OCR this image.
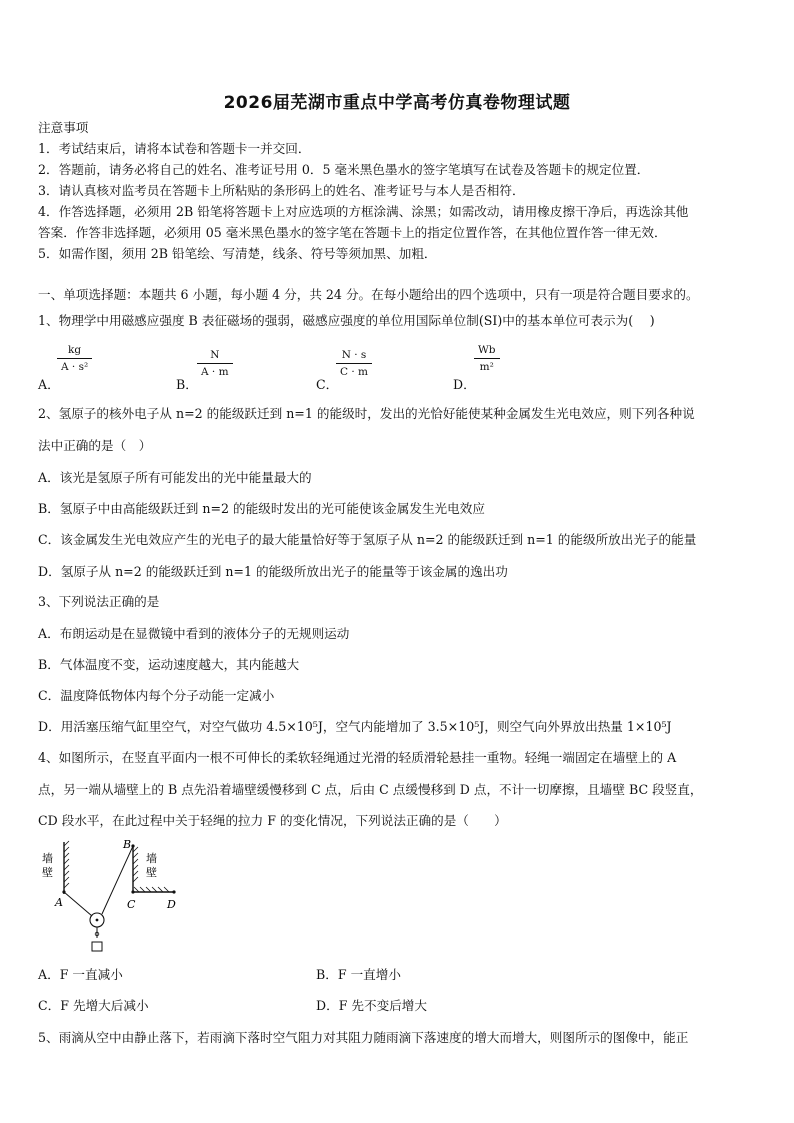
2026届芜湖市重点中学高考仿真卷物理试题
注意事项
1．考试结束后，请将本试卷和答题卡一并交回．
2．答题前，请务必将自己的姓名、准考证号用 0．5 毫米黑色墨水的签字笔填写在试卷及答题卡的规定位置．
3．请认真核对监考员在答题卡上所粘贴的条形码上的姓名、准考证号与本人是否相符．
4．作答选择题，必须用 2B 铅笔将答题卡上对应选项的方框涂满、涂黑；如需改动，请用橡皮擦干净后，再选涂其他
答案．作答非选择题，必须用 05 毫米黑色墨水的签字笔在答题卡上的指定位置作答，在其他位置作答一律无效．
5．如需作图，须用 2B 铅笔绘、写清楚，线条、符号等须加黑、加粗．
一、单项选择题：本题共 6 小题，每小题 4 分，共 24 分。在每小题给出的四个选项中，只有一项是符合题目要求的。
1、物理学中用磁感应强度 B 表征磁场的强弱，磁感应强度的单位用国际单位制(SI)中的基本单位可表示为(　 )
A．
kg
A · s²
B．
N
A · m
C．
N · s
C · m
D．
Wb
m²
2、氢原子的核外电子从 n=2 的能级跃迁到 n=1 的能级时，发出的光恰好能使某种金属发生光电效应，则下列各种说
法中正确的是（　）
A．该光是氢原子所有可能发出的光中能量最大的
B．氢原子中由高能级跃迁到 n=2 的能级时发出的光可能使该金属发生光电效应
C．该金属发生光电效应产生的光电子的最大能量恰好等于氢原子从 n=2 的能级跃迁到 n=1 的能级所放出光子的能量
D．氢原子从 n=2 的能级跃迁到 n=1 的能级所放出光子的能量等于该金属的逸出功
3、下列说法正确的是
A．布朗运动是在显微镜中看到的液体分子的无规则运动
B．气体温度不变，运动速度越大，其内能越大
C．温度降低物体内每个分子动能一定减小
D．用活塞压缩气缸里空气，对空气做功 4.5×10⁵J，空气内能增加了 3.5×10⁵J，则空气向外界放出热量 1×10⁵J
4、如图所示，在竖直平面内一根不可伸长的柔软轻绳通过光滑的轻质滑轮悬挂一重物。轻绳一端固定在墙壁上的 A
点，另一端从墙壁上的 B 点先沿着墙壁缓慢移到 C 点，后由 C 点缓慢移到 D 点，不计一切摩擦，且墙壁 BC 段竖直，
CD 段水平，在此过程中关于轻绳的拉力 F 的变化情况，下列说法正确的是（　　）
墙
壁
墙
壁
A
B
C	D
A．F 一直减小	B．F 一直增小
C．F 先增大后减小	D．F 先不变后增大
5、雨滴从空中由静止落下，若雨滴下落时空气阻力对其阻力随雨滴下落速度的增大而增大，则图所示的图像中，能正
